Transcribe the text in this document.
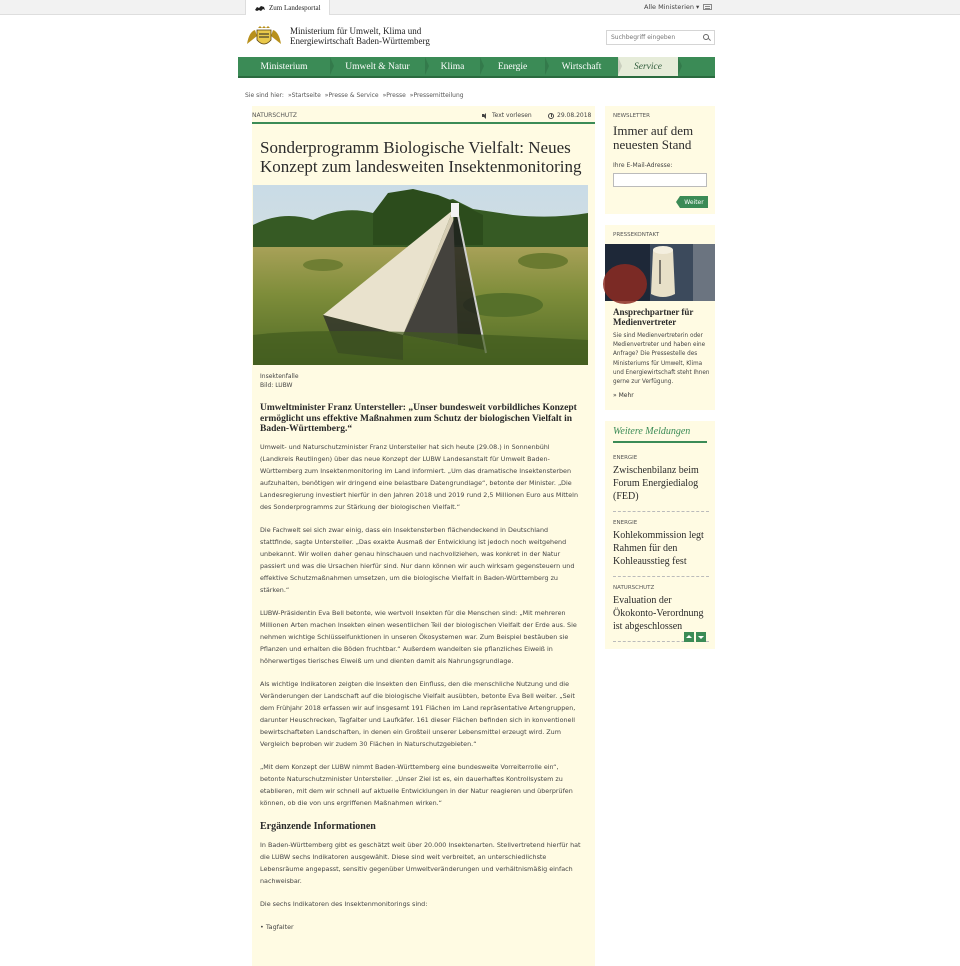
Zum Landesportal	Alle Ministerien ▾
Ministerium für Umwelt, Klima und
Energiewirtschaft Baden-Württemberg
Suchbegriff eingeben
Ministerium	Umwelt & Natur	Klima	Energie	Wirtschaft	Service
Sie sind hier: »Startseite »Presse & Service »Presse »Pressemitteilung
NATURSCHUTZ	Text vorlesen	29.08.2018
Sonderprogramm Biologische Vielfalt: Neues Konzept zum landesweiten Insektenmonitoring
Insektenfalle
Bild: LUBW
Umweltminister Franz Untersteller: „Unser bundesweit vorbildliches Konzept ermöglicht uns effektive Maßnahmen zum Schutz der biologischen Vielfalt in Baden-Württemberg.“

Umwelt- und Naturschutzminister Franz Untersteller hat sich heute (29.08.) in Sonnenbühl (Landkreis Reutlingen) über das neue Konzept der LUBW Landesanstalt für Umwelt Baden-Württemberg zum Insektenmonitoring im Land informiert. „Um das dramatische Insektensterben aufzuhalten, benötigen wir dringend eine belastbare Datengrundlage“, betonte der Minister. „Die Landesregierung investiert hierfür in den Jahren 2018 und 2019 rund 2,5 Millionen Euro aus Mitteln des Sonderprogramms zur Stärkung der biologischen Vielfalt.“

Die Fachwelt sei sich zwar einig, dass ein Insektensterben flächendeckend in Deutschland stattfinde, sagte Untersteller. „Das exakte Ausmaß der Entwicklung ist jedoch noch weitgehend unbekannt. Wir wollen daher genau hinschauen und nachvollziehen, was konkret in der Natur passiert und was die Ursachen hierfür sind. Nur dann können wir auch wirksam gegensteuern und effektive Schutzmaßnahmen umsetzen, um die biologische Vielfalt in Baden-Württemberg zu stärken.“

LUBW-Präsidentin Eva Bell betonte, wie wertvoll Insekten für die Menschen sind: „Mit mehreren Millionen Arten machen Insekten einen wesentlichen Teil der biologischen Vielfalt der Erde aus. Sie nehmen wichtige Schlüsselfunktionen in unseren Ökosystemen war. Zum Beispiel bestäuben sie Pflanzen und erhalten die Böden fruchtbar.“ Außerdem wandelten sie pflanzliches Eiweiß in höherwertiges tierisches Eiweiß um und dienten damit als Nahrungsgrundlage.

Als wichtige Indikatoren zeigten die Insekten den Einfluss, den die menschliche Nutzung und die Veränderungen der Landschaft auf die biologische Vielfalt ausübten, betonte Eva Bell weiter. „Seit dem Frühjahr 2018 erfassen wir auf insgesamt 191 Flächen im Land repräsentative Artengruppen, darunter Heuschrecken, Tagfalter und Laufkäfer. 161 dieser Flächen befinden sich in konventionell bewirtschafteten Landschaften, in denen ein Großteil unserer Lebensmittel erzeugt wird. Zum Vergleich beproben wir zudem 30 Flächen in Naturschutzgebieten.“

„Mit dem Konzept der LUBW nimmt Baden-Württemberg eine bundesweite Vorreiterrolle ein“, betonte Naturschutzminister Untersteller. „Unser Ziel ist es, ein dauerhaftes Kontrollsystem zu etablieren, mit dem wir schnell auf aktuelle Entwicklungen in der Natur reagieren und überprüfen können, ob die von uns ergriffenen Maßnahmen wirken.“

Ergänzende Informationen

In Baden-Württemberg gibt es geschätzt weit über 20.000 Insektenarten. Stellvertretend hierfür hat die LUBW sechs Indikatoren ausgewählt. Diese sind weit verbreitet, an unterschiedlichste Lebensräume angepasst, sensitiv gegenüber Umweltveränderungen und verhältnismäßig einfach nachweisbar.

Die sechs Indikatoren des Insektenmonitorings sind:

• Tagfalter
NEWSLETTER
Immer auf dem neuesten Stand
Ihre E-Mail-Adresse:
Weiter
PRESSEKONTAKT
Ansprechpartner für Medienvertreter
Sie sind Medienvertreterin oder Medienvertreter und haben eine Anfrage? Die Pressestelle des Ministeriums für Umwelt, Klima und Energiewirtschaft steht Ihnen gerne zur Verfügung.
» Mehr
Weitere Meldungen
ENERGIE
Zwischenbilanz beim Forum Energiedialog (FED)
ENERGIE
Kohlekommission legt Rahmen für den Kohleausstieg fest
NATURSCHUTZ
Evaluation der Ökokonto-Verordnung ist abgeschlossen
